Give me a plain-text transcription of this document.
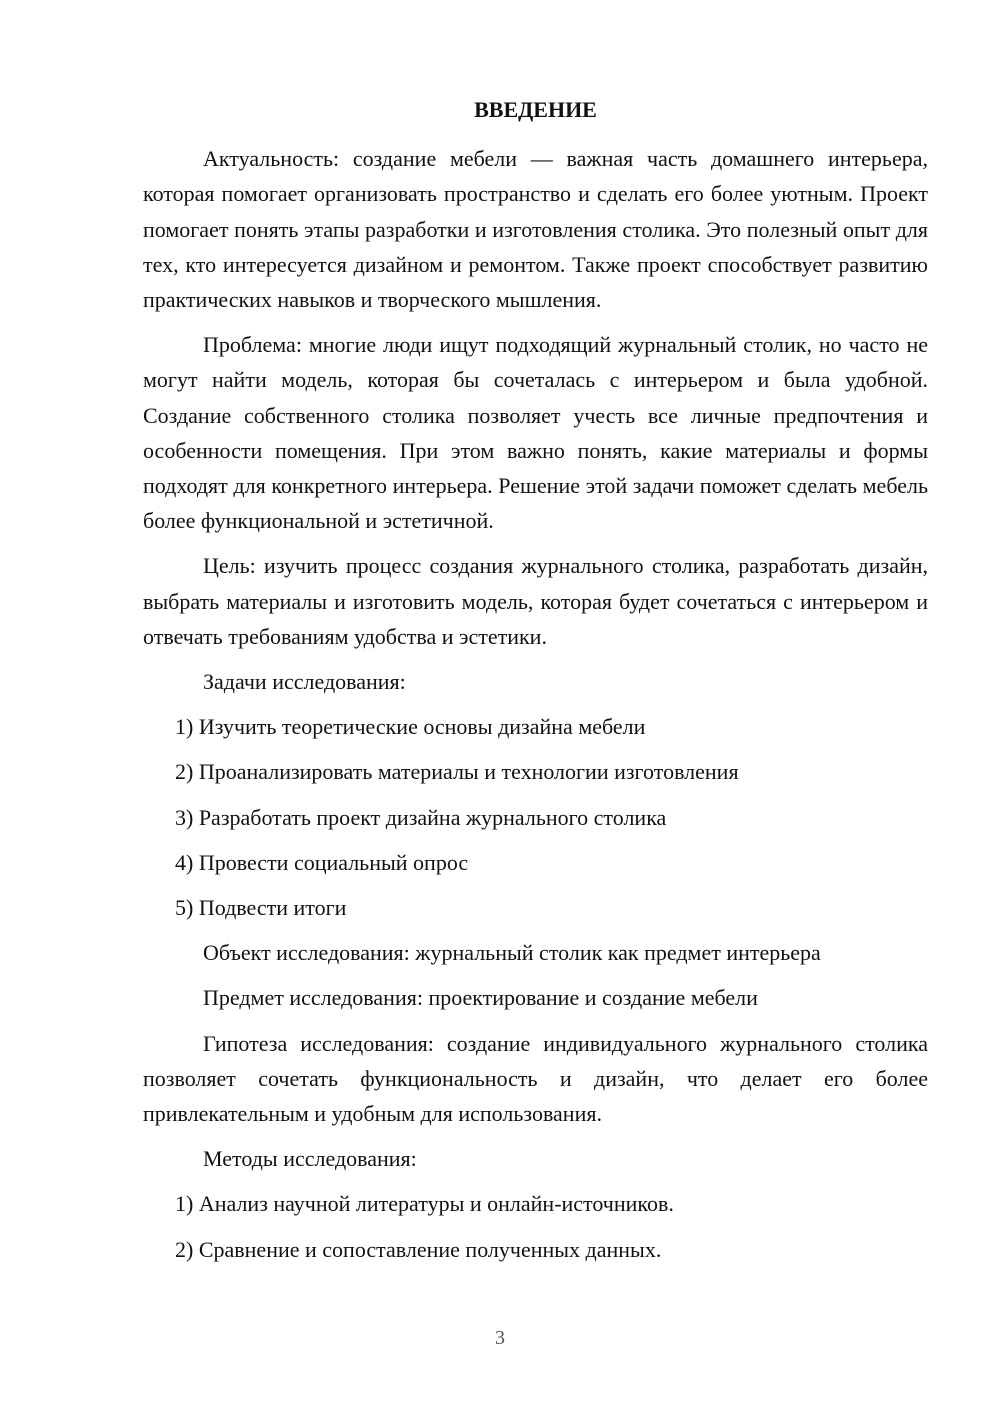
ВВЕДЕНИЕ

Актуальность: создание мебели — важная часть домашнего интерьера, которая помогает организовать пространство и сделать его более уютным. Проект помогает понять этапы разработки и изготовления столика. Это полезный опыт для тех, кто интересуется дизайном и ремонтом. Также проект способствует развитию практических навыков и творческого мышления.

Проблема: многие люди ищут подходящий журнальный столик, но часто не могут найти модель, которая бы сочеталась с интерьером и была удобной. Создание собственного столика позволяет учесть все личные предпочтения и особенности помещения. При этом важно понять, какие материалы и формы подходят для конкретного интерьера. Решение этой задачи поможет сделать мебель более функциональной и эстетичной.

Цель: изучить процесс создания журнального столика, разработать дизайн, выбрать материалы и изготовить модель, которая будет сочетаться с интерьером и отвечать требованиям удобства и эстетики.

Задачи исследования:

1) Изучить теоретические основы дизайна мебели
2) Проанализировать материалы и технологии изготовления
3) Разработать проект дизайна журнального столика
4) Провести социальный опрос
5) Подвести итоги

Объект исследования: журнальный столик как предмет интерьера

Предмет исследования: проектирование и создание мебели

Гипотеза исследования: создание индивидуального журнального столика позволяет сочетать функциональность и дизайн, что делает его более привлекательным и удобным для использования.

Методы исследования:

1) Анализ научной литературы и онлайн-источников.
2) Сравнение и сопоставление полученных данных.
3
